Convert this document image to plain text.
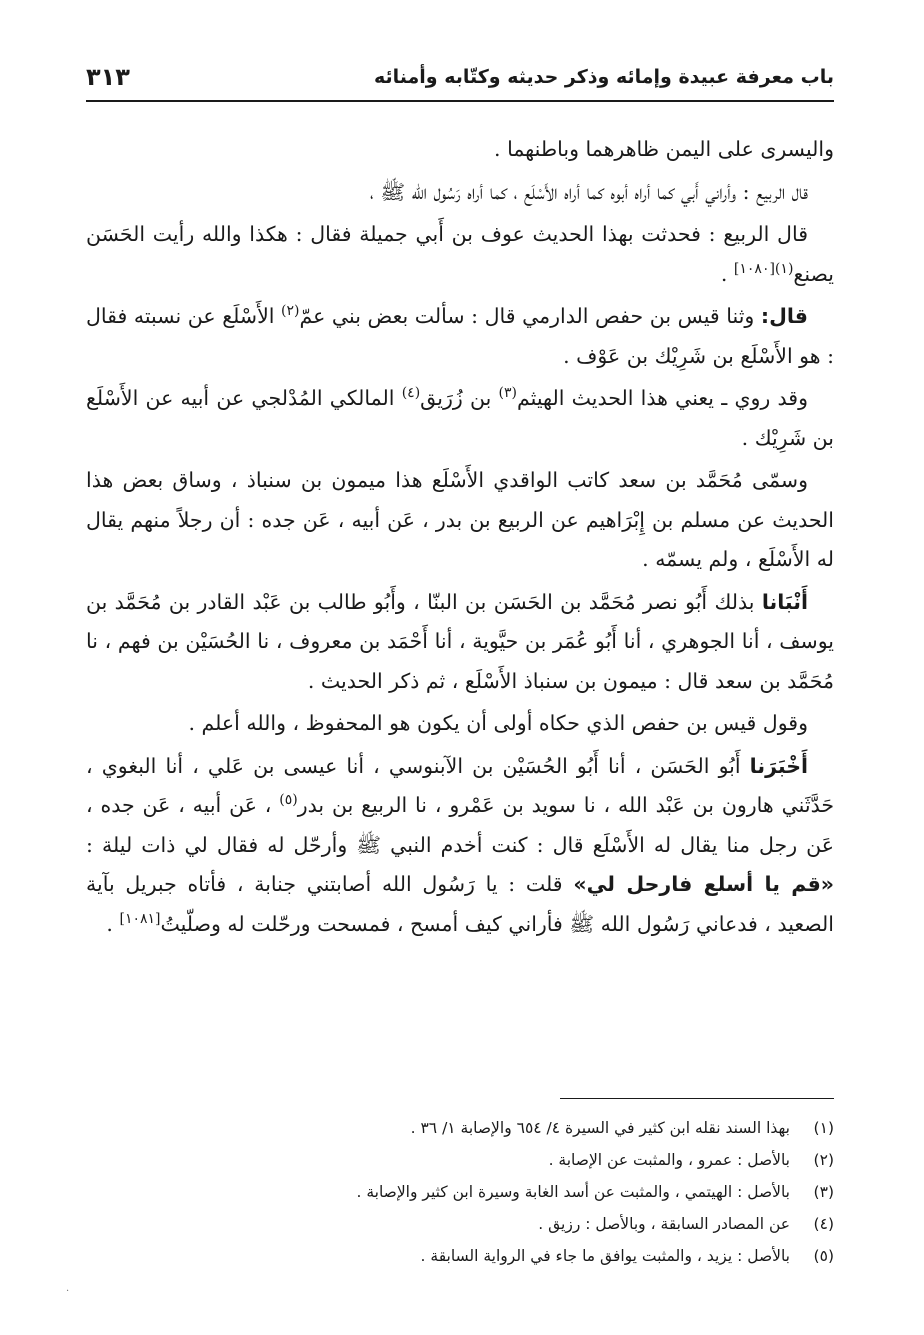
باب معرفة عبيدة وإمائه وذكر حديثه وكتّابه وأمنائه
٣١٣

واليسرى على اليمن ظاهرهما وباطنهما .

قال الربيع : وأراني أَبي كما أراه أبوه كما أراه الأَسْلَع ، كما أراه رَسُول الله ﷺ ،

قال الربيع : فحدثت بهذا الحديث عوف بن أَبي جميلة فقال : هكذا والله رأيت الحَسَن يصنع$^{(١)[١٠٨٠]}$ .

قال: وثنا قيس بن حفص الدارمي قال : سألت بعض بني عمّ$^{(٢)}$ الأَسْلَع عن نسبته فقال : هو الأَسْلَع بن شَرِيْك بن عَوْف .

وقد روي ـ يعني هذا الحديث الهيثم$^{(٣)}$ بن زُرَيق$^{(٤)}$ المالكي المُدْلجي عن أبيه عن الأَسْلَع بن شَرِيْك .

وسمّى مُحَمَّد بن سعد كاتب الواقدي الأَسْلَع هذا ميمون بن سنباذ ، وساق بعض هذا الحديث عن مسلم بن إِبْرَاهيم عن الربيع بن بدر ، عَن أبيه ، عَن جده : أن رجلاً منهم يقال له الأَسْلَع ، ولم يسمّه .

أَنْبَانا بذلك أَبُو نصر مُحَمَّد بن الحَسَن بن البنّا ، وأَبُو طالب بن عَبْد القادر بن مُحَمَّد بن يوسف ، أنا الجوهري ، أنا أَبُو عُمَر بن حيَّوية ، أنا أَحْمَد بن معروف ، نا الحُسَيْن بن فهم ، نا مُحَمَّد بن سعد قال : ميمون بن سنباذ الأَسْلَع ، ثم ذكر الحديث .

وقول قيس بن حفص الذي حكاه أولى أن يكون هو المحفوظ ، والله أعلم .

أَخْبَرَنا أَبُو الحَسَن ، أنا أَبُو الحُسَيْن بن الآبنوسي ، أنا عيسى بن عَلي ، أنا البغوي ، حَدَّثَني هارون بن عَبْد الله ، نا سويد بن عَمْرو ، نا الربيع بن بدر$^{(٥)}$ ، عَن أبيه ، عَن جده ، عَن رجل منا يقال له الأَسْلَع قال : كنت أخدم النبي ﷺ وأرحّل له فقال لي ذات ليلة : «قم يا أسلع فارحل لي» قلت : يا رَسُول الله أصابتني جنابة ، فأتاه جبريل بآية الصعيد ، فدعاني رَسُول الله ﷺ فأراني كيف أمسح ، فمسحت ورحّلت له وصلّيتُ[١٠٨١] .

(١)
بهذا السند نقله ابن كثير في السيرة ٤/ ٦٥٤ والإصابة ١/ ٣٦ .
(٢)
بالأصل : عمرو ، والمثبت عن الإصابة .
(٣)
بالأصل : الهيتمي ، والمثبت عن أسد الغابة وسيرة ابن كثير والإصابة .
(٤)
عن المصادر السابقة ، وبالأصل : رزيق .
(٥)
بالأصل : يزيد ، والمثبت يوافق ما جاء في الرواية السابقة .
·
